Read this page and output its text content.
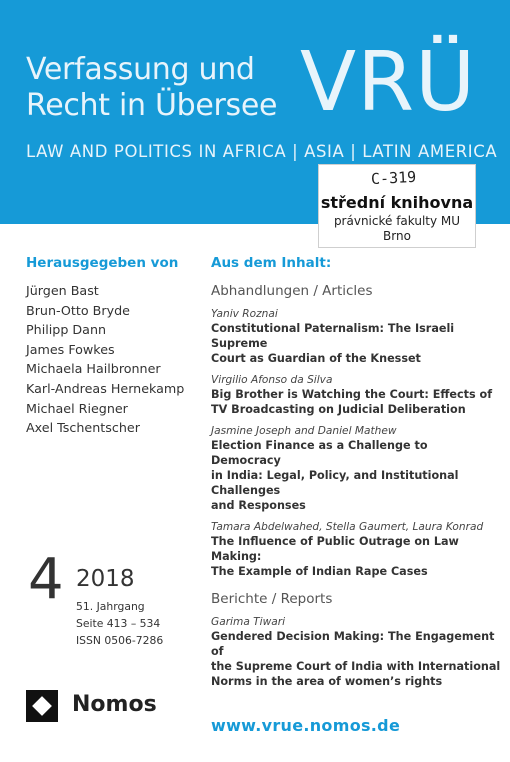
Verfassung und
Recht in Übersee VRÜ
LAW AND POLITICS IN AFRICA | ASIA | LATIN AMERICA
C-319
střední knihovna
právnické fakulty MU
Brno
Herausgegeben von
Jürgen Bast
Brun-Otto Bryde
Philipp Dann
James Fowkes
Michaela Hailbronner
Karl-Andreas Hernekamp
Michael Riegner
Axel Tschentscher
Aus dem Inhalt:
Abhandlungen / Articles

Yaniv Roznai

Constitutional Paternalism: The Israeli Supreme
Court as Guardian of the Knesset

Virgilio Afonso da Silva

Big Brother is Watching the Court: Effects of
TV Broadcasting on Judicial Deliberation

Jasmine Joseph and Daniel Mathew

Election Finance as a Challenge to Democracy
in India: Legal, Policy, and Institutional Challenges
and Responses

Tamara Abdelwahed, Stella Gaumert, Laura Konrad

The Influence of Public Outrage on Law Making:
The Example of Indian Rape Cases

Berichte / Reports

Garima Tiwari

Gendered Decision Making: The Engagement of
the Supreme Court of India with International
Norms in the area of women’s rights

4 2018
51. Jahrgang
Seite 413 – 534
ISSN 0506-7286
Nomos
www.vrue.nomos.de
